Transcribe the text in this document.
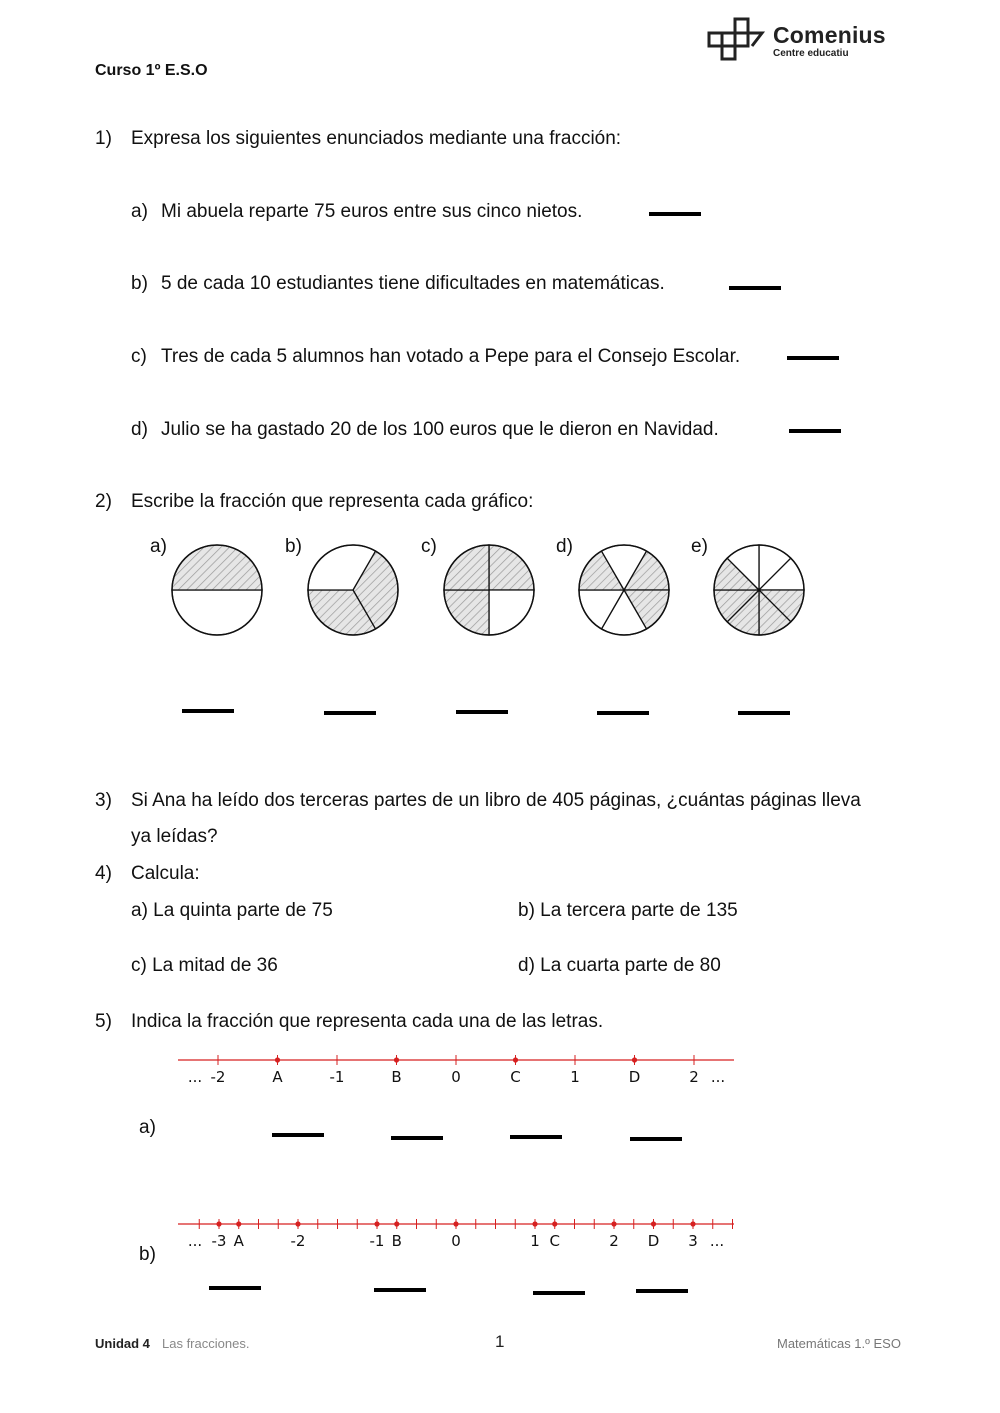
Curso 1º E.S.O
Comenius
Centre educatiu
1) Expresa los siguientes enunciados mediante una fracción:
a) Mi abuela reparte 75 euros entre sus cinco nietos.
b) 5 de cada 10 estudiantes tiene dificultades en matemáticas.
c) Tres de cada 5 alumnos han votado a Pepe para el Consejo Escolar.
d) Julio se ha gastado 20 de los 100 euros que le dieron en Navidad.
2) Escribe la fracción que representa cada gráfico:
a)	b)	c)	d)	e)
3) Si Ana ha leído dos terceras partes de un libro de 405 páginas, ¿cuántas páginas lleva
ya leídas?
4) Calcula:
a) La quinta parte de 75	b) La tercera parte de 135
c) La mitad de 36	d) La cuarta parte de 80
5) Indica la fracción que representa cada una de las letras.
... -2	A	-1	B	0	C	1	D	2 ...
a)
... -3 A	-2	-1 B	0	1 C	2 D 3 ...
b)
Unidad 4 Las fracciones.	1	Matemáticas 1.º ESO
